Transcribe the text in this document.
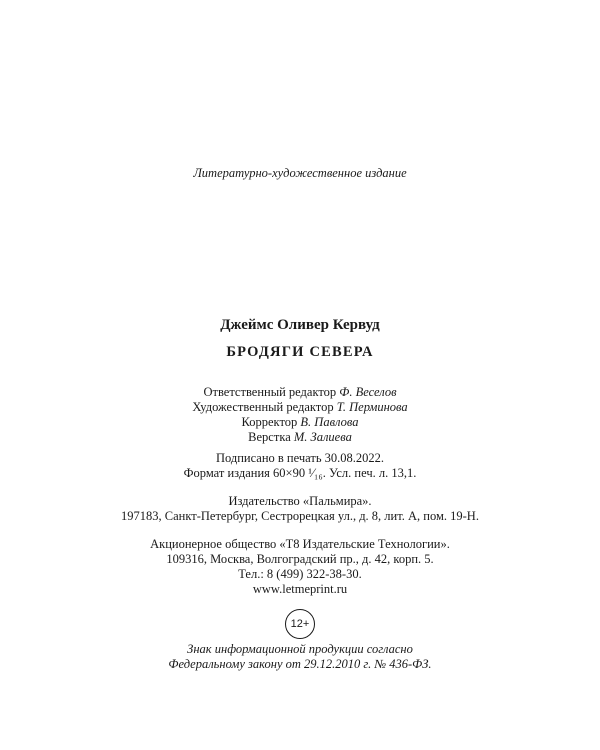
Литературно-художественное издание
Джеймс Оливер Кервуд
БРОДЯГИ СЕВЕРА
Ответственный редактор Ф. Веселов
Художественный редактор Т. Перминова
Корректор В. Павлова
Верстка М. Залиева
Подписано в печать 30.08.2022.
Формат издания 60×90 ¹⁄₁₆. Усл. печ. л. 13,1.
Издательство «Пальмира».
197183, Санкт-Петербург, Сестрорецкая ул., д. 8, лит. А, пом. 19-Н.
Акционерное общество «Т8 Издательские Технологии».
109316, Москва, Волгоградский пр., д. 42, корп. 5.
Тел.: 8 (499) 322-38-30.
www.letmeprint.ru
12+
Знак информационной продукции согласно
Федеральному закону от 29.12.2010 г. № 436-ФЗ.
